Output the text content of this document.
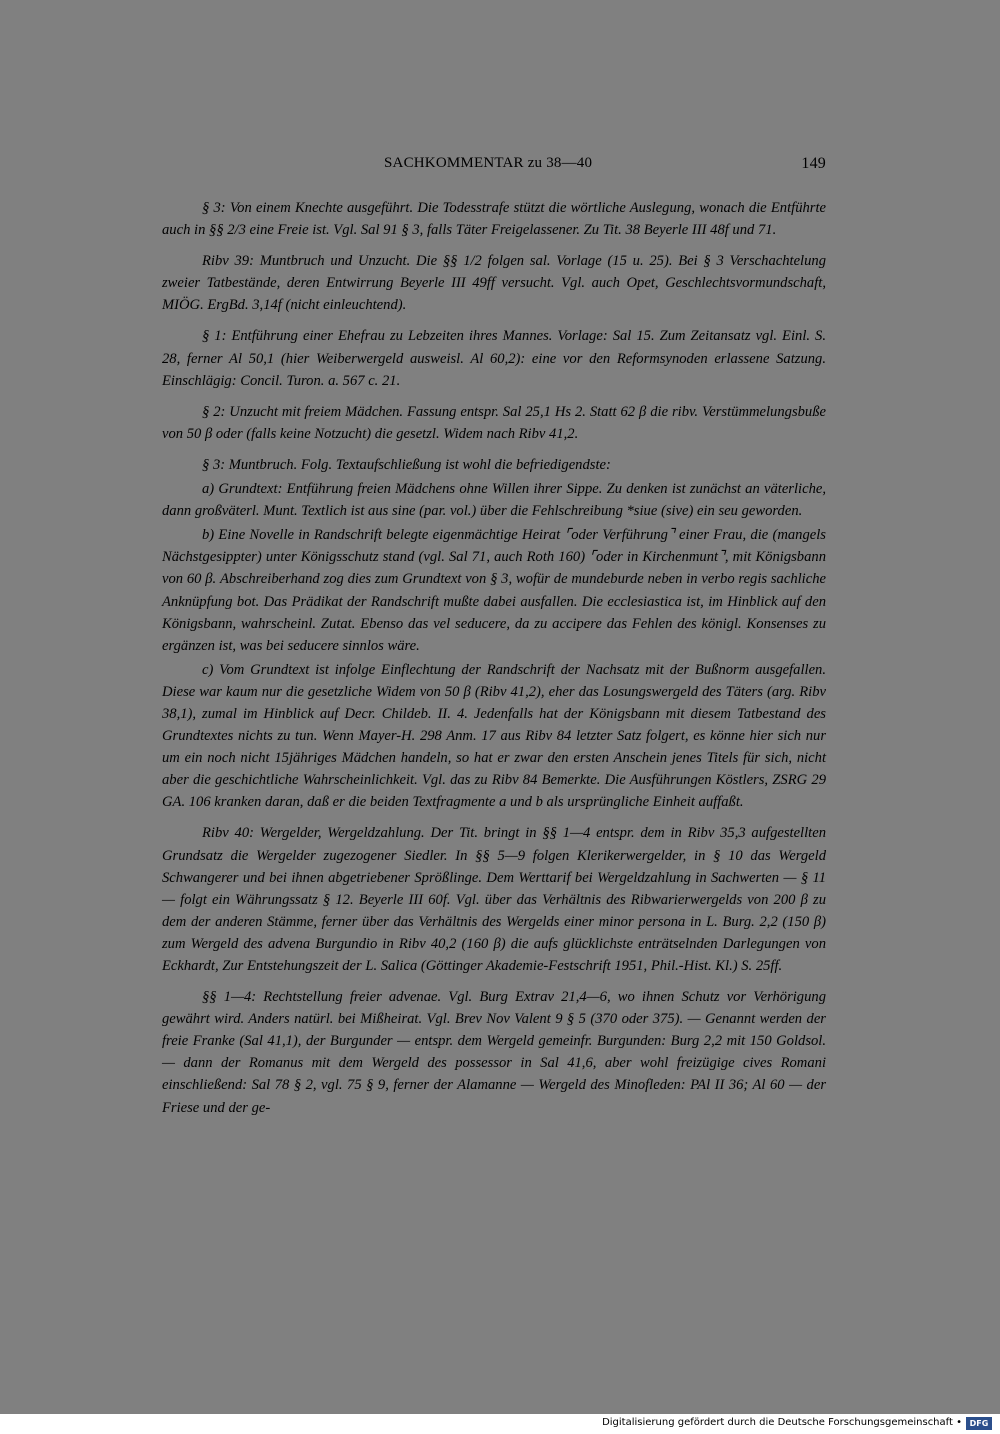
SACHKOMMENTAR zu 38—40	149

§ 3: Von einem Knechte ausgeführt. Die Todesstrafe stützt die wörtliche Auslegung, wonach die Entführte auch in §§ 2/3 eine Freie ist. Vgl. Sal 91 § 3, falls Täter Freigelassener. Zu Tit. 38 Beyerle III 48f und 71.

Ribv 39: Muntbruch und Unzucht. Die §§ 1/2 folgen sal. Vorlage (15 u. 25). Bei § 3 Verschachtelung zweier Tatbestände, deren Entwirrung Beyerle III 49ff versucht. Vgl. auch Opet, Geschlechtsvormundschaft, MIÖG. ErgBd. 3,14f (nicht einleuchtend).

§ 1: Entführung einer Ehefrau zu Lebzeiten ihres Mannes. Vorlage: Sal 15. Zum Zeitansatz vgl. Einl. S. 28, ferner Al 50,1 (hier Weiberwergeld ausweisl. Al 60,2): eine vor den Reformsynoden erlassene Satzung. Einschlägig: Concil. Turon. a. 567 c. 21.

§ 2: Unzucht mit freiem Mädchen. Fassung entspr. Sal 25,1 Hs 2. Statt 62 β die ribv. Verstümmelungsbuße von 50 β oder (falls keine Notzucht) die gesetzl. Widem nach Ribv 41,2.

§ 3: Muntbruch. Folg. Textaufschließung ist wohl die befriedigendste:

a) Grundtext: Entführung freien Mädchens ohne Willen ihrer Sippe. Zu denken ist zunächst an väterliche, dann großväterl. Munt. Textlich ist aus sine (par. vol.) über die Fehlschreibung *siue (sive) ein seu geworden.

b) Eine Novelle in Randschrift belegte eigenmächtige Heirat ⌜oder Verführung⌝ einer Frau, die (mangels Nächstgesippter) unter Königsschutz stand (vgl. Sal 71, auch Roth 160) ⌜oder in Kirchenmunt⌝, mit Königsbann von 60 β. Abschreiberhand zog dies zum Grundtext von § 3, wofür de mundeburde neben in verbo regis sachliche Anknüpfung bot. Das Prädikat der Randschrift mußte dabei ausfallen. Die ecclesiastica ist, im Hinblick auf den Königsbann, wahrscheinl. Zutat. Ebenso das vel seducere, da zu accipere das Fehlen des königl. Konsenses zu ergänzen ist, was bei seducere sinnlos wäre.

c) Vom Grundtext ist infolge Einflechtung der Randschrift der Nachsatz mit der Bußnorm ausgefallen. Diese war kaum nur die gesetzliche Widem von 50 β (Ribv 41,2), eher das Losungswergeld des Täters (arg. Ribv 38,1), zumal im Hinblick auf Decr. Childeb. II. 4. Jedenfalls hat der Königsbann mit diesem Tatbestand des Grundtextes nichts zu tun. Wenn Mayer-H. 298 Anm. 17 aus Ribv 84 letzter Satz folgert, es könne hier sich nur um ein noch nicht 15jähriges Mädchen handeln, so hat er zwar den ersten Anschein jenes Titels für sich, nicht aber die geschichtliche Wahrscheinlichkeit. Vgl. das zu Ribv 84 Bemerkte. Die Ausführungen Köstlers, ZSRG 29 GA. 106 kranken daran, daß er die beiden Textfragmente a und b als ursprüngliche Einheit auffaßt.

Ribv 40: Wergelder, Wergeldzahlung. Der Tit. bringt in §§ 1—4 entspr. dem in Ribv 35,3 aufgestellten Grundsatz die Wergelder zugezogener Siedler. In §§ 5—9 folgen Klerikerwergelder, in § 10 das Wergeld Schwangerer und bei ihnen abgetriebener Sprößlinge. Dem Werttarif bei Wergeldzahlung in Sachwerten — § 11 — folgt ein Währungssatz § 12. Beyerle III 60f. Vgl. über das Verhältnis des Ribwarierwergelds von 200 β zu dem der anderen Stämme, ferner über das Verhältnis des Wergelds einer minor persona in L. Burg. 2,2 (150 β) zum Wergeld des advena Burgundio in Ribv 40,2 (160 β) die aufs glücklichste enträtselnden Darlegungen von Eckhardt, Zur Entstehungszeit der L. Salica (Göttinger Akademie-Festschrift 1951, Phil.-Hist. Kl.) S. 25ff.

§§ 1—4: Rechtstellung freier advenae. Vgl. Burg Extrav 21,4—6, wo ihnen Schutz vor Verhörigung gewährt wird. Anders natürl. bei Mißheirat. Vgl. Brev Nov Valent 9 § 5 (370 oder 375). — Genannt werden der freie Franke (Sal 41,1), der Burgunder — entspr. dem Wergeld gemeinfr. Burgunden: Burg 2,2 mit 150 Goldsol. — dann der Romanus mit dem Wergeld des possessor in Sal 41,6, aber wohl freizügige cives Romani einschließend: Sal 78 § 2, vgl. 75 § 9, ferner der Alamanne — Wergeld des Minofleden: PAl II 36; Al 60 — der Friese und der ge-

Digitalisierung gefördert durch die Deutsche Forschungsgemeinschaft • DFG
